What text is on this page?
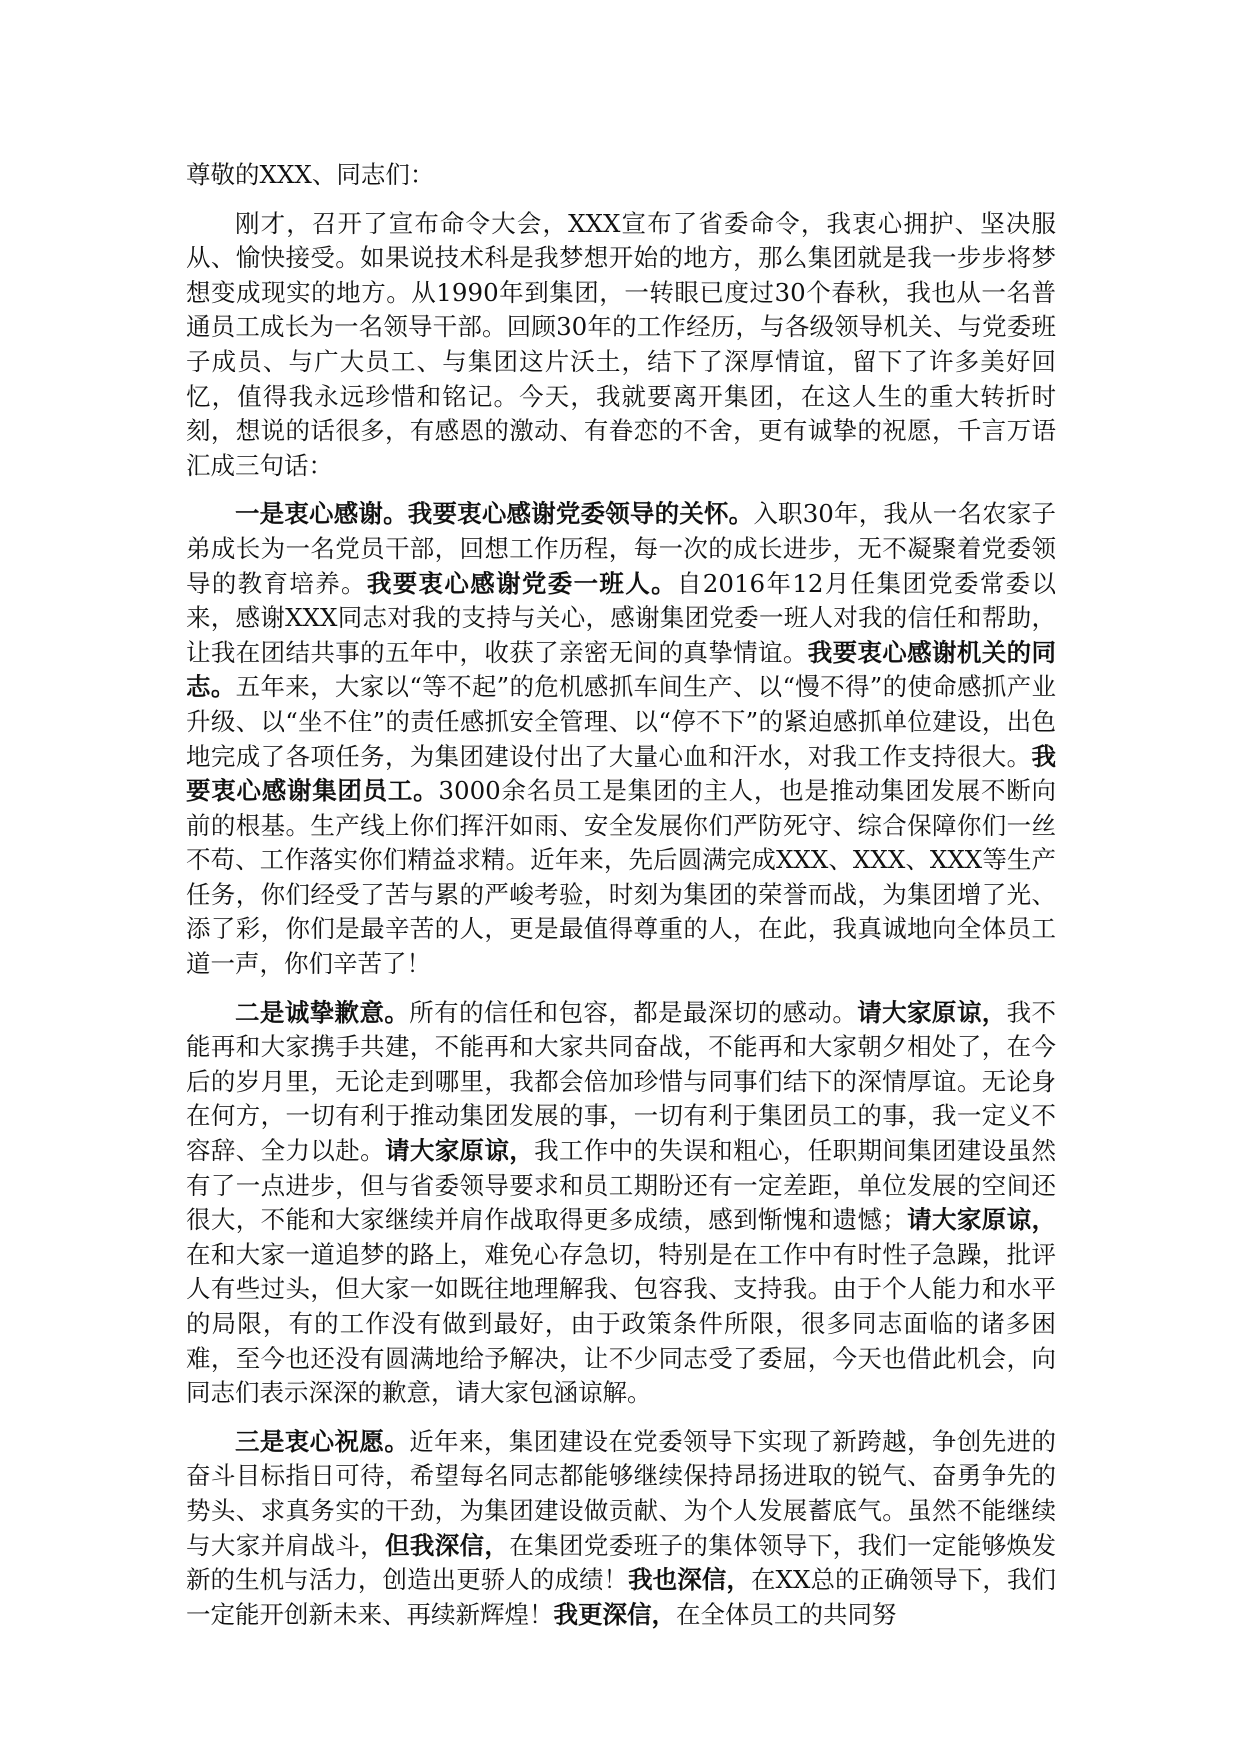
尊敬的XXX、同志们：

刚才，召开了宣布命令大会，XXX宣布了省委命令，我衷心拥护、坚决服从、愉快接受。如果说技术科是我梦想开始的地方，那么集团就是我一步步将梦想变成现实的地方。从1990年到集团，一转眼已度过30个春秋，我也从一名普通员工成长为一名领导干部。回顾30年的工作经历，与各级领导机关、与党委班子成员、与广大员工、与集团这片沃土，结下了深厚情谊，留下了许多美好回忆，值得我永远珍惜和铭记。今天，我就要离开集团，在这人生的重大转折时刻，想说的话很多，有感恩的激动、有眷恋的不舍，更有诚挚的祝愿，千言万语汇成三句话：

一是衷心感谢。我要衷心感谢党委领导的关怀。入职30年，我从一名农家子弟成长为一名党员干部，回想工作历程，每一次的成长进步，无不凝聚着党委领导的教育培养。我要衷心感谢党委一班人。自2016年12月任集团党委常委以来，感谢XXX同志对我的支持与关心，感谢集团党委一班人对我的信任和帮助，让我在团结共事的五年中，收获了亲密无间的真挚情谊。我要衷心感谢机关的同志。五年来，大家以“等不起”的危机感抓车间生产、以“慢不得”的使命感抓产业升级、以“坐不住”的责任感抓安全管理、以“停不下”的紧迫感抓单位建设，出色地完成了各项任务，为集团建设付出了大量心血和汗水，对我工作支持很大。我要衷心感谢集团员工。3000余名员工是集团的主人，也是推动集团发展不断向前的根基。生产线上你们挥汗如雨、安全发展你们严防死守、综合保障你们一丝不苟、工作落实你们精益求精。近年来，先后圆满完成XXX、XXX、XXX等生产任务，你们经受了苦与累的严峻考验，时刻为集团的荣誉而战，为集团增了光、添了彩，你们是最辛苦的人，更是最值得尊重的人，在此，我真诚地向全体员工道一声，你们辛苦了！

二是诚挚歉意。所有的信任和包容，都是最深切的感动。请大家原谅，我不能再和大家携手共建，不能再和大家共同奋战，不能再和大家朝夕相处了，在今后的岁月里，无论走到哪里，我都会倍加珍惜与同事们结下的深情厚谊。无论身在何方，一切有利于推动集团发展的事，一切有利于集团员工的事，我一定义不容辞、全力以赴。请大家原谅，我工作中的失误和粗心，任职期间集团建设虽然有了一点进步，但与省委领导要求和员工期盼还有一定差距，单位发展的空间还很大，不能和大家继续并肩作战取得更多成绩，感到惭愧和遗憾；请大家原谅，在和大家一道追梦的路上，难免心存急切，特别是在工作中有时性子急躁，批评人有些过头，但大家一如既往地理解我、包容我、支持我。由于个人能力和水平的局限，有的工作没有做到最好，由于政策条件所限，很多同志面临的诸多困难，至今也还没有圆满地给予解决，让不少同志受了委屈，今天也借此机会，向同志们表示深深的歉意，请大家包涵谅解。

三是衷心祝愿。近年来，集团建设在党委领导下实现了新跨越，争创先进的奋斗目标指日可待，希望每名同志都能够继续保持昂扬进取的锐气、奋勇争先的势头、求真务实的干劲，为集团建设做贡献、为个人发展蓄底气。虽然不能继续与大家并肩战斗，但我深信，在集团党委班子的集体领导下，我们一定能够焕发新的生机与活力，创造出更骄人的成绩！我也深信，在XX总的正确领导下，我们一定能开创新未来、再续新辉煌！我更深信，在全体员工的共同努
